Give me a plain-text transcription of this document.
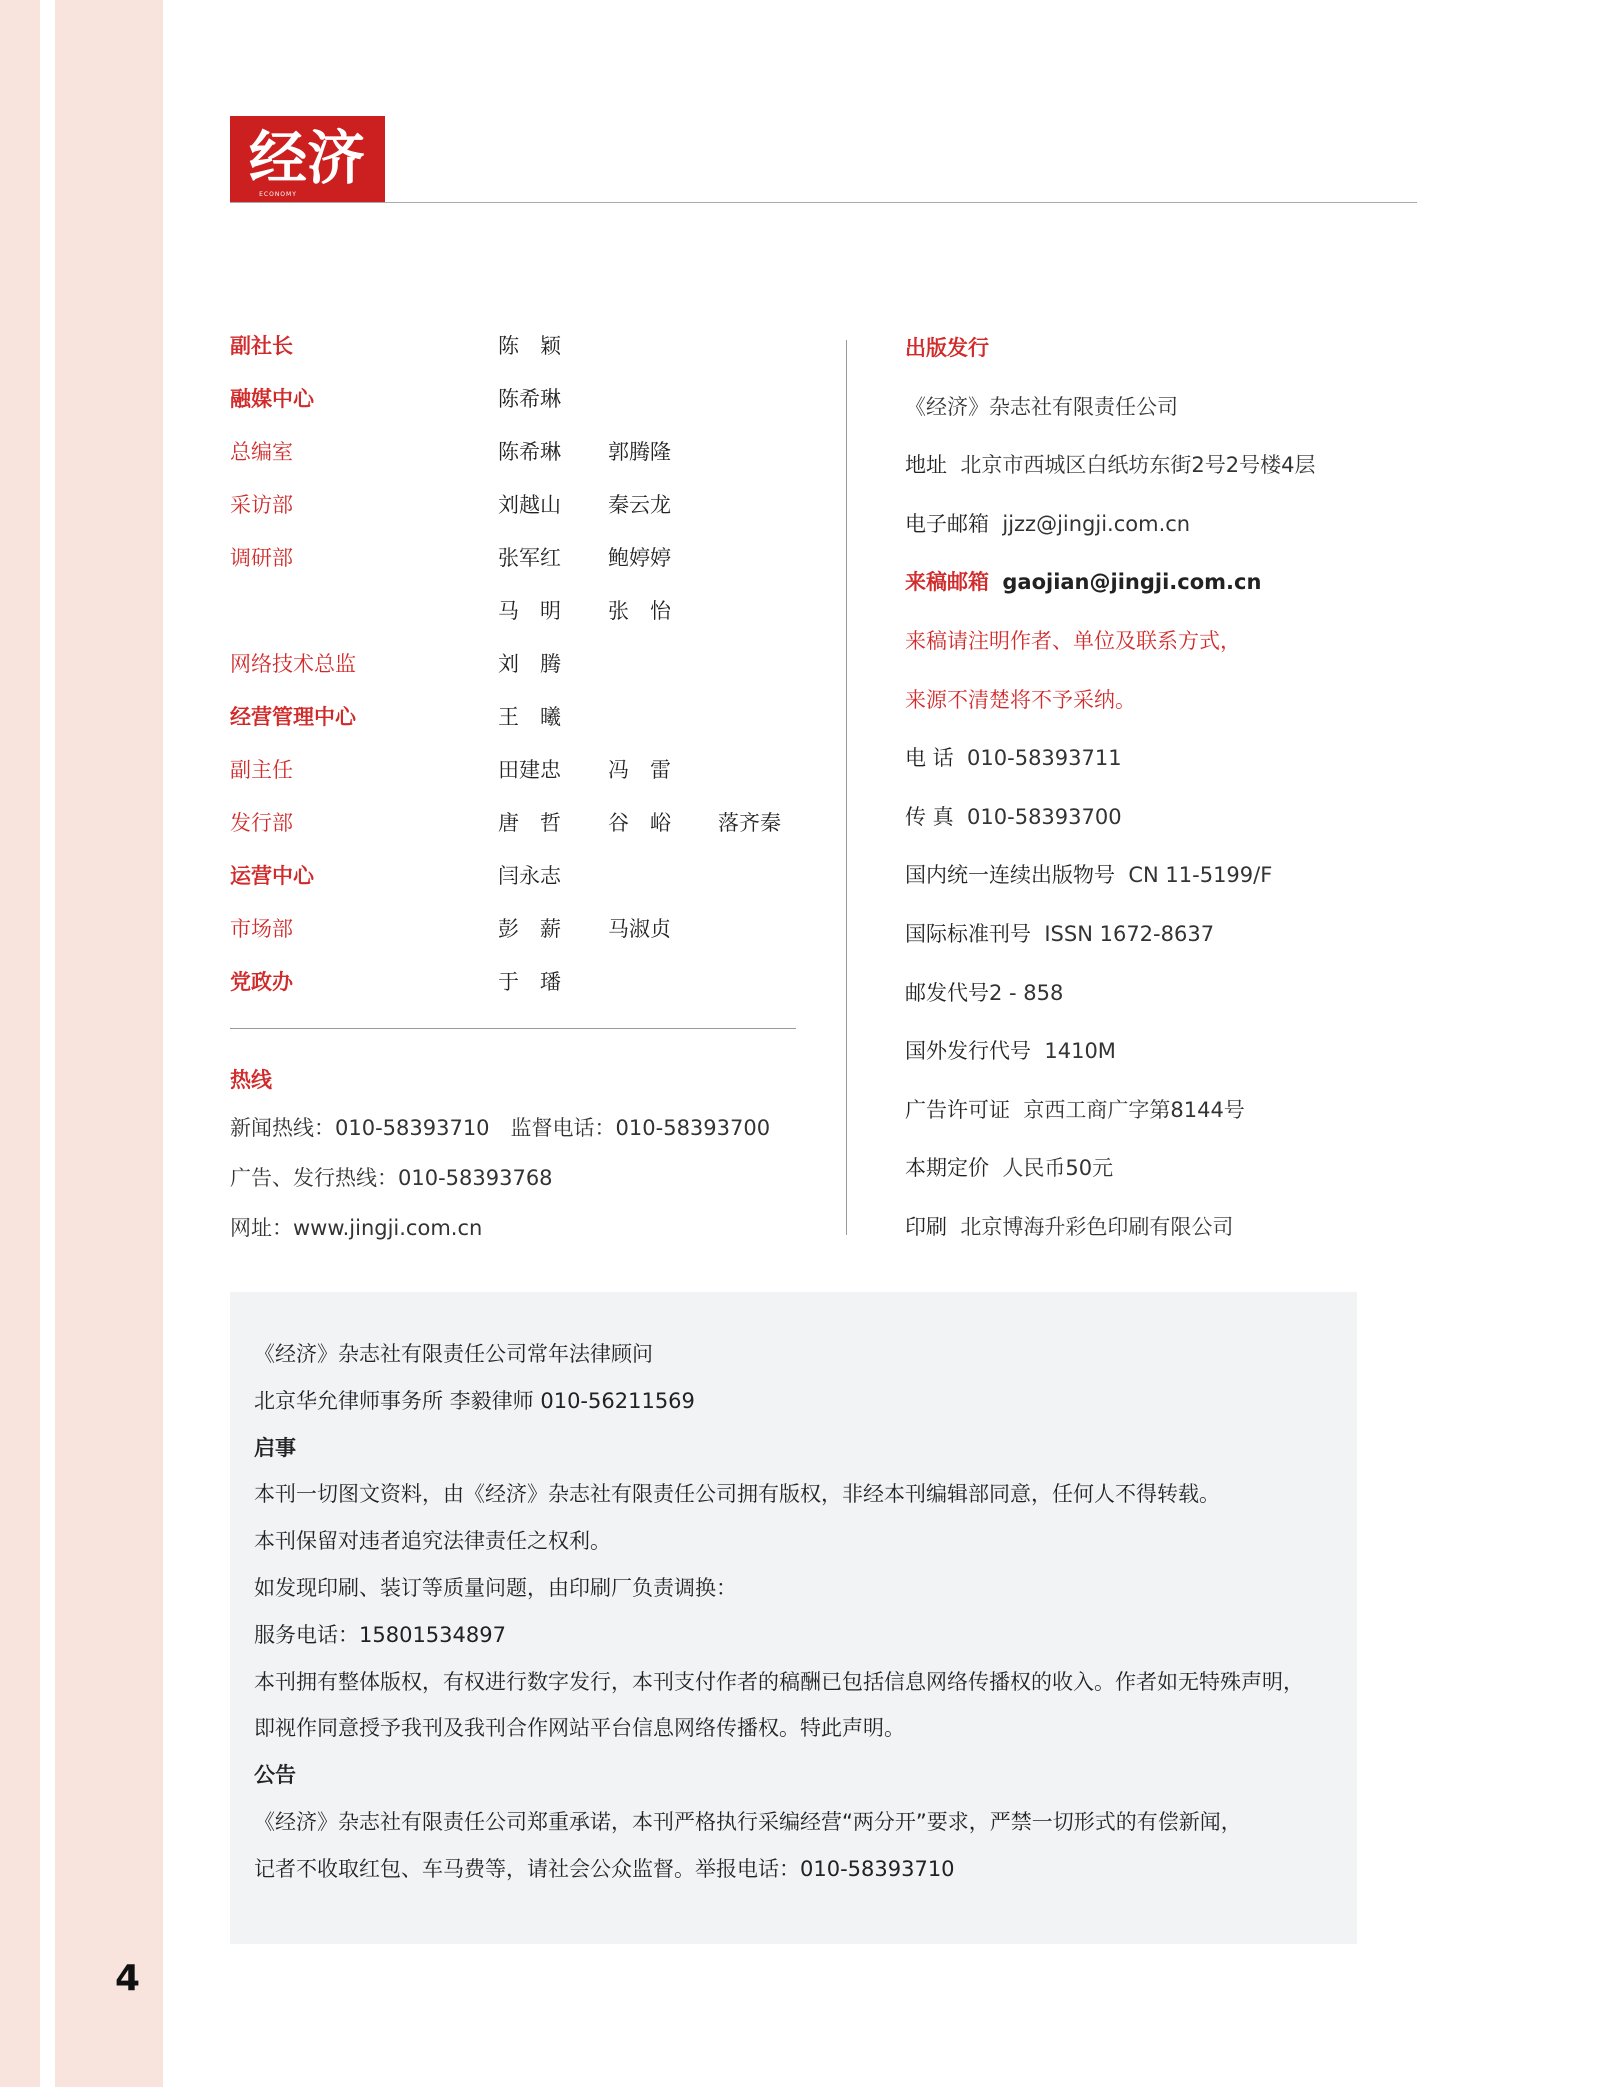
4
经济
ECONOMY
副社长	陈　颖
融媒中心	陈希琳
总编室	陈希琳 郭腾隆
采访部	刘越山 秦云龙
调研部	张军红 鲍婷婷
马　明 张　怡
网络技术总监	刘　腾
经营管理中心	王　曦
副主任	田建忠 冯　雷
发行部	唐　哲 谷　峪 落齐秦
运营中心	闫永志
市场部	彭　薪 马淑贞
党政办	于　璠
热线
新闻热线：010-58393710　监督电话：010-58393700
广告、发行热线：010-58393768
网址：www.jingji.com.cn
出版发行
《经济》杂志社有限责任公司
地址 北京市西城区白纸坊东街2号2号楼4层
电子邮箱 jjzz@jingji.com.cn
来稿邮箱 gaojian@jingji.com.cn
来稿请注明作者、单位及联系方式，
来源不清楚将不予采纳。
电 话 010-58393711
传 真 010-58393700
国内统一连续出版物号 CN 11-5199/F
国际标准刊号 ISSN 1672-8637
邮发代号2 - 858
国外发行代号 1410M
广告许可证 京西工商广字第8144号
本期定价 人民币50元
印刷 北京博海升彩色印刷有限公司
《经济》杂志社有限责任公司常年法律顾问
北京华允律师事务所 李毅律师 010-56211569
启事
本刊一切图文资料，由《经济》杂志社有限责任公司拥有版权，非经本刊编辑部同意，任何人不得转载。
本刊保留对违者追究法律责任之权利。
如发现印刷、装订等质量问题，由印刷厂负责调换：
服务电话：15801534897
本刊拥有整体版权，有权进行数字发行，本刊支付作者的稿酬已包括信息网络传播权的收入。作者如无特殊声明，
即视作同意授予我刊及我刊合作网站平台信息网络传播权。特此声明。
公告
《经济》杂志社有限责任公司郑重承诺，本刊严格执行采编经营“两分开”要求，严禁一切形式的有偿新闻，
记者不收取红包、车马费等，请社会公众监督。举报电话：010-58393710
